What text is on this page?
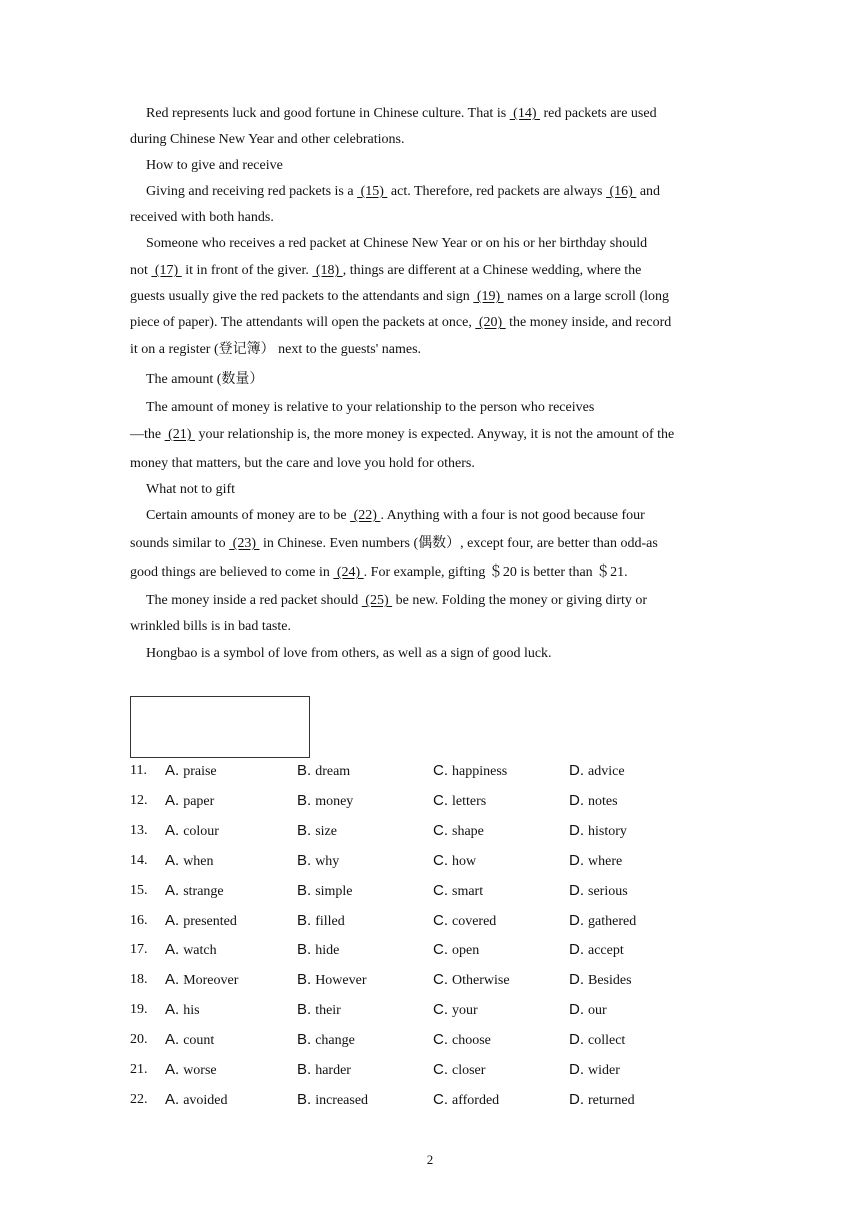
Red represents luck and good fortune in Chinese culture. That is  (14)  red packets are used
during Chinese New Year and other celebrations.
How to give and receive
Giving and receiving red packets is a  (15)  act. Therefore, red packets are always  (16)  and
received with both hands.
Someone who receives a red packet at Chinese New Year or on his or her birthday should
not  (17)  it in front of the giver.  (18) , things are different at a Chinese wedding, where the
guests usually give the red packets to the attendants and sign  (19)  names on a large scroll (long
piece of paper). The attendants will open the packets at once,  (20)  the money inside, and record
it on a register (登记簿） next to the guests' names.
The amount (数量）
The amount of money is relative to your relationship to the person who receives
—the  (21)  your relationship is, the more money is expected. Anyway, it is not the amount of the
money that matters, but the care and love you hold for others.
What not to gift
Certain amounts of money are to be  (22) . Anything with a four is not good because four
sounds similar to  (23)  in Chinese. Even numbers (偶数）, except four, are better than odd-as
good things are believed to come in  (24) . For example, gifting ＄20 is better than ＄21.
The money inside a red packet should  (25)  be new. Folding the money or giving dirty or
wrinkled bills is in bad taste.
Hongbao is a symbol of love from others, as well as a sign of good luck.
11. A. praise	B. dream	C. happiness	D. advice
12. A. paper	B. money	C. letters	D. notes
13. A. colour	B. size	C. shape	D. history
14. A. when	B. why	C. how	D. where
15. A. strange	B. simple	C. smart	D. serious
16. A. presented	B. filled	C. covered	D. gathered
17. A. watch	B. hide	C. open	D. accept
18. A. Moreover	B. However	C. Otherwise	D. Besides
19. A. his	B. their	C. your	D. our
20. A. count	B. change	C. choose	D. collect
21. A. worse	B. harder	C. closer	D. wider
22. A. avoided	B. increased	C. afforded	D. returned
2
